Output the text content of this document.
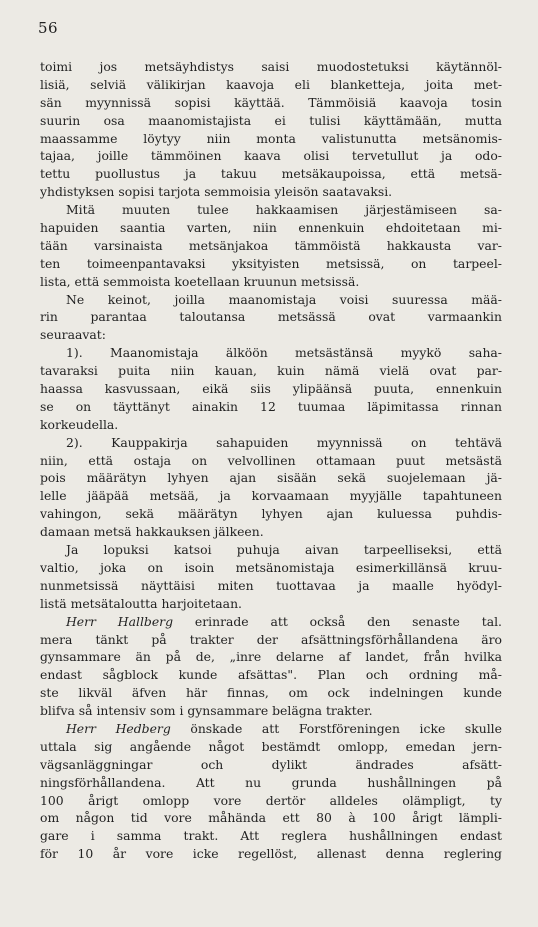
56
toimi jos metsäyhdistys saisi muodostetuksi käytännöl-
lisiä, selviä välikirjan kaavoja eli blanketteja, joita met-
sän myynnissä sopisi käyttää. Tämmöisiä kaavoja tosin
suurin osa maanomistajista ei tulisi käyttämään, mutta
maassamme löytyy niin monta valistunutta metsänomis-
tajaa, joille tämmöinen kaava olisi tervetullut ja odo-
tettu puollustus ja takuu metsäkaupoissa, että metsä-
yhdistyksen sopisi tarjota semmoisia yleisön saatavaksi.
Mitä muuten tulee hakkaamisen järjestämiseen sa-
hapuiden saantia varten, niin ennenkuin ehdoitetaan mi-
tään varsinaista metsänjakoa tämmöistä hakkausta var-
ten toimeenpantavaksi yksityisten metsissä, on tarpeel-
lista, että semmoista koetellaan kruunun metsissä.
Ne keinot, joilla maanomistaja voisi suuressa mää-
rin parantaa taloutansa metsässä ovat varmaankin
seuraavat:
1). Maanomistaja älköön metsästänsä myykö saha-
tavaraksi puita niin kauan, kuin nämä vielä ovat par-
haassa kasvussaan, eikä siis ylipäänsä puuta, ennenkuin
se on täyttänyt ainakin 12 tuumaa läpimitassa rinnan
korkeudella.
2). Kauppakirja sahapuiden myynnissä on tehtävä
niin, että ostaja on velvollinen ottamaan puut metsästä
pois määrätyn lyhyen ajan sisään sekä suojelemaan jä-
lelle jääpää metsää, ja korvaamaan myyjälle tapahtuneen
vahingon, sekä määrätyn lyhyen ajan kuluessa puhdis-
damaan metsä hakkauksen jälkeen.
Ja lopuksi katsoi puhuja aivan tarpeelliseksi, että
valtio, joka on isoin metsänomistaja esimerkillänsä kruu-
nunmetsissä näyttäisi miten tuottavaa ja maalle hyödyl-
listä metsätaloutta harjoitetaan.
Herr Hallberg erinrade att också den senaste tal.
mera tänkt på trakter der afsättningsförhållandena äro
gynsammare än på de, „inre delarne af landet, från hvilka
endast sågblock kunde afsättas". Plan och ordning må-
ste likväl äfven här finnas, om ock indelningen kunde
blifva så intensiv som i gynsammare belägna trakter.
Herr Hedberg önskade att Forstföreningen icke skulle
uttala sig angående något bestämdt omlopp, emedan jern-
vägsanläggningar och dylikt ändrades afsätt-
ningsförhållandena. Att nu grunda hushållningen på
100 årigt omlopp vore dertör alldeles olämpligt, ty
om någon tid vore måhända ett 80 à 100 årigt lämpli-
gare i samma trakt. Att reglera hushållningen endast
för 10 år vore icke regellöst, allenast denna reglering
